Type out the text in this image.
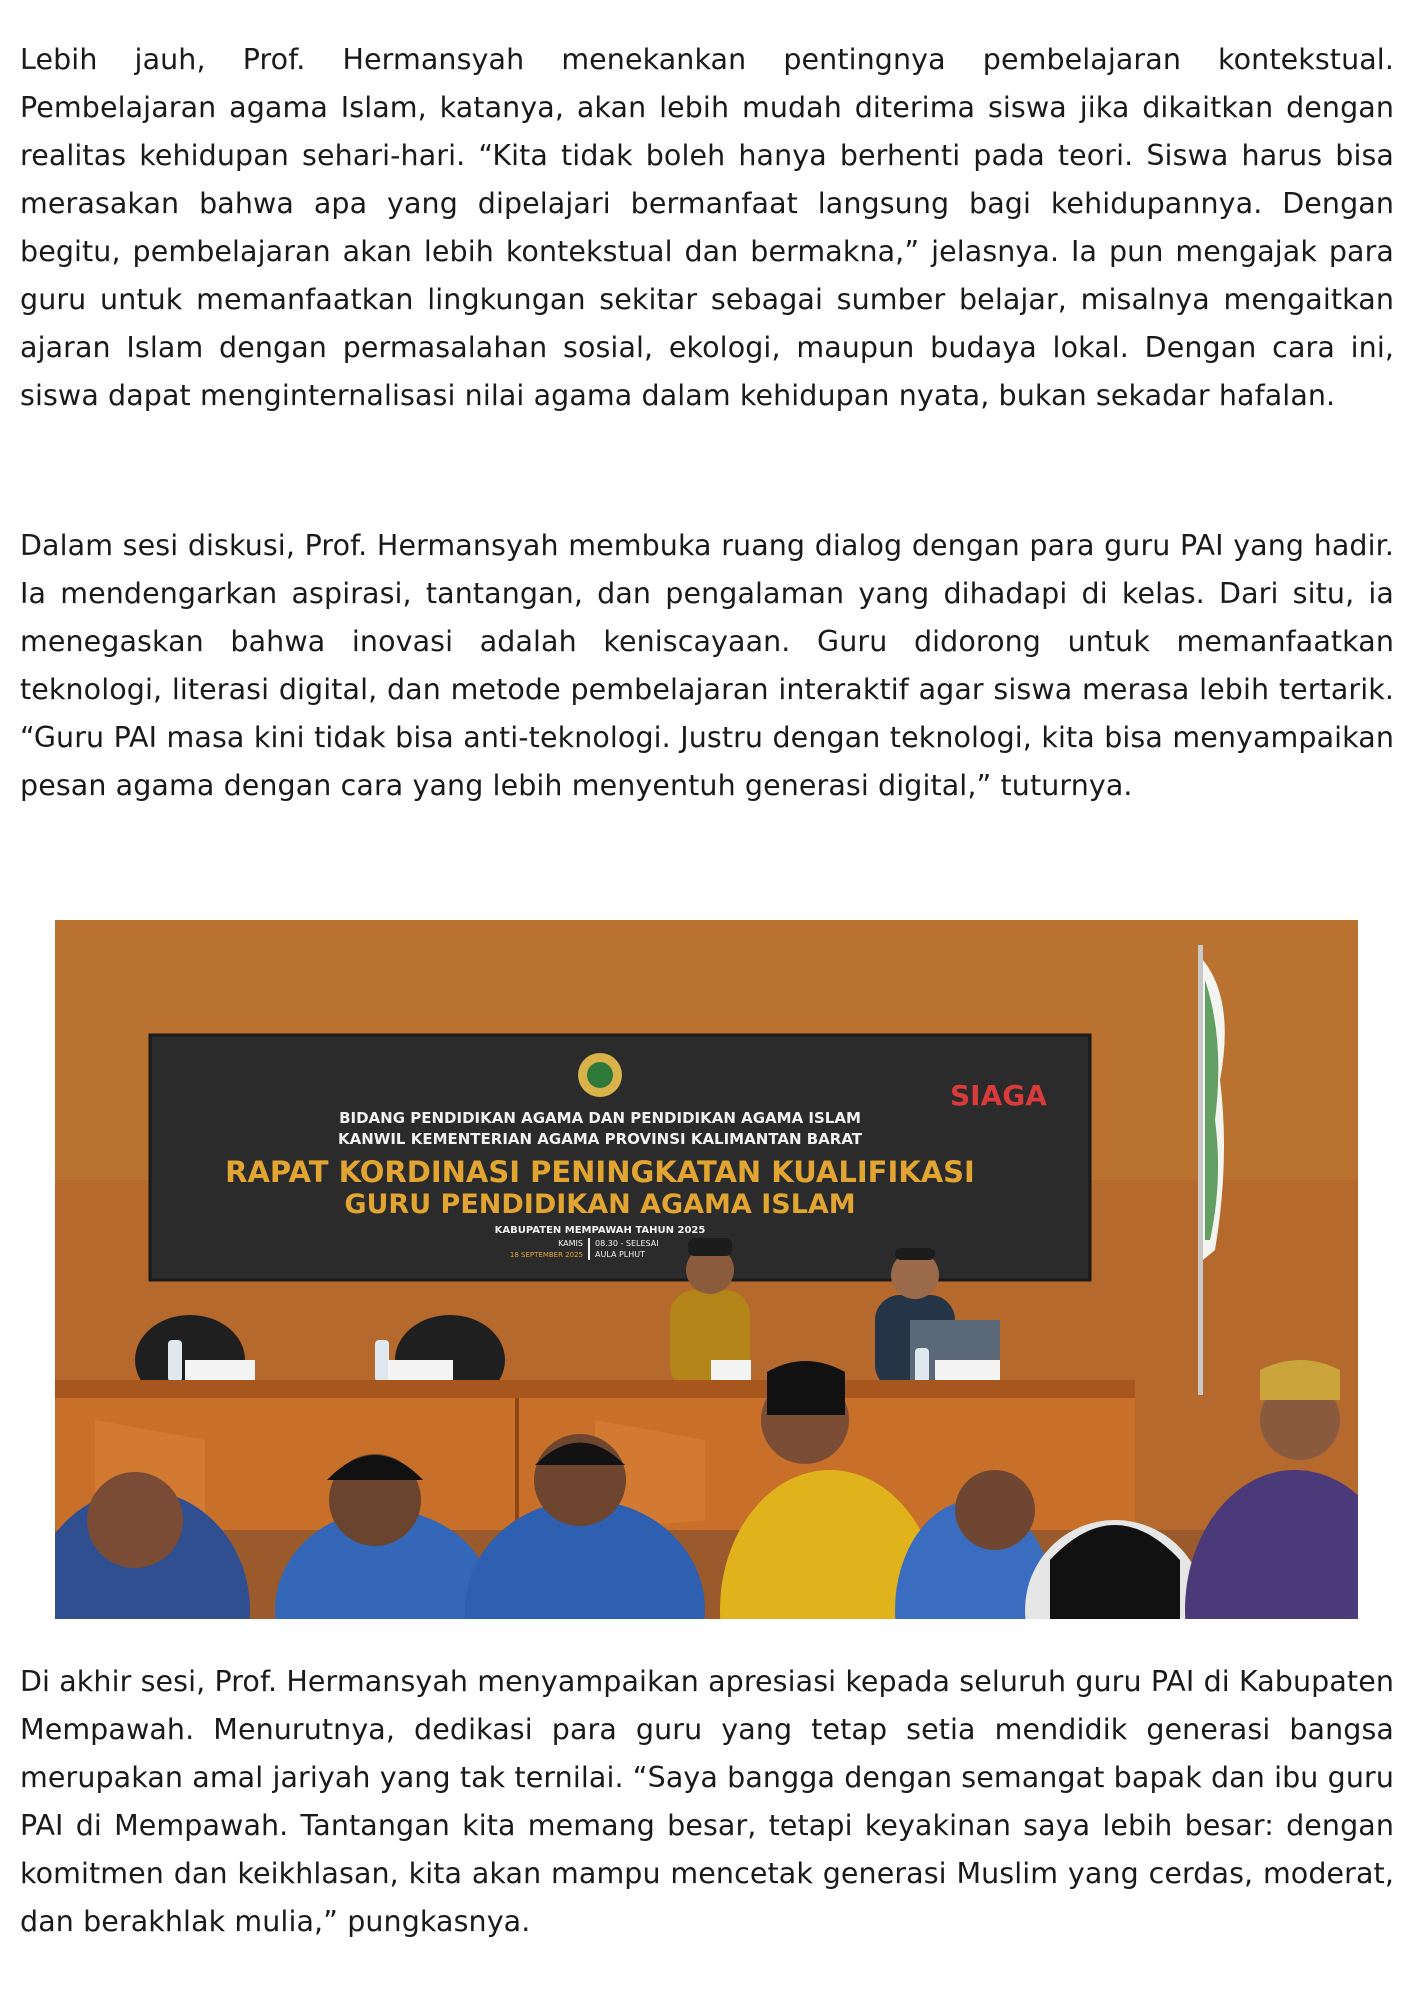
Lebih jauh, Prof. Hermansyah menekankan pentingnya pembelajaran kontekstual. Pembelajaran agama Islam, katanya, akan lebih mudah diterima siswa jika dikaitkan dengan realitas kehidupan sehari-hari. “Kita tidak boleh hanya berhenti pada teori. Siswa harus bisa merasakan bahwa apa yang dipelajari bermanfaat langsung bagi kehidupannya. Dengan begitu, pembelajaran akan lebih kontekstual dan bermakna,” jelasnya. Ia pun mengajak para guru untuk memanfaatkan lingkungan sekitar sebagai sumber belajar, misalnya mengaitkan ajaran Islam dengan permasalahan sosial, ekologi, maupun budaya lokal. Dengan cara ini, siswa dapat menginternalisasi nilai agama dalam kehidupan nyata, bukan sekadar hafalan.

Dalam sesi diskusi, Prof. Hermansyah membuka ruang dialog dengan para guru PAI yang hadir. Ia mendengarkan aspirasi, tantangan, dan pengalaman yang dihadapi di kelas. Dari situ, ia menegaskan bahwa inovasi adalah keniscayaan. Guru didorong untuk memanfaatkan teknologi, literasi digital, dan metode pembelajaran interaktif agar siswa merasa lebih tertarik. “Guru PAI masa kini tidak bisa anti-teknologi. Justru dengan teknologi, kita bisa menyampaikan pesan agama dengan cara yang lebih menyentuh generasi digital,” tuturnya.

BIDANG PENDIDIKAN AGAMA DAN PENDIDIKAN AGAMA ISLAM
KANWIL KEMENTERIAN AGAMA PROVINSI KALIMANTAN BARAT
RAPAT KORDINASI PENINGKATAN KUALIFIKASI
GURU PENDIDIKAN AGAMA ISLAM
KABUPATEN MEMPAWAH TAHUN 2025
KAMIS
18 SEPTEMBER 2025
08.30 - SELESAI
AULA PLHUT
SIAGA

Di akhir sesi, Prof. Hermansyah menyampaikan apresiasi kepada seluruh guru PAI di Kabupaten Mempawah. Menurutnya, dedikasi para guru yang tetap setia mendidik generasi bangsa merupakan amal jariyah yang tak ternilai. “Saya bangga dengan semangat bapak dan ibu guru PAI di Mempawah. Tantangan kita memang besar, tetapi keyakinan saya lebih besar: dengan komitmen dan keikhlasan, kita akan mampu mencetak generasi Muslim yang cerdas, moderat, dan berakhlak mulia,” pungkasnya.
